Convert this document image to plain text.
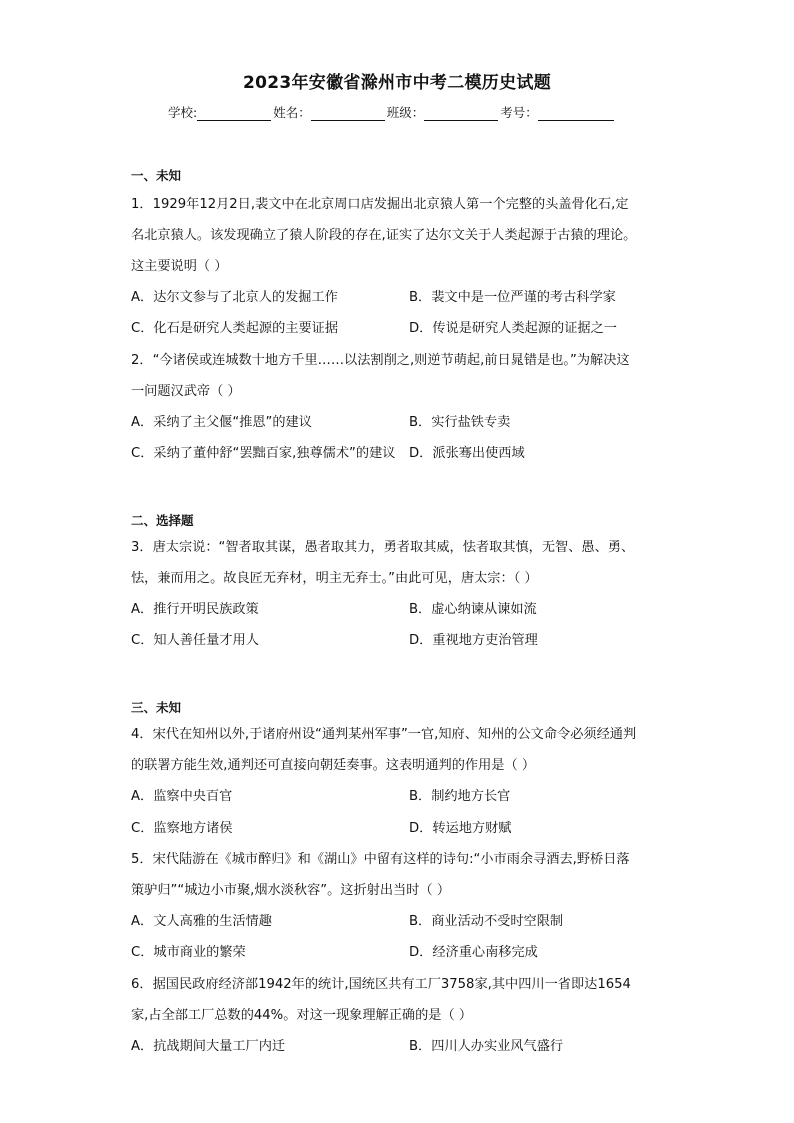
2023年安徽省滁州市中考二模历史试题
学校:	姓名：	班级：	考号：
一、未知
1．1929年12月2日,裴文中在北京周口店发掘出北京猿人第一个完整的头盖骨化石,定
名北京猿人。该发现确立了猿人阶段的存在,证实了达尔文关于人类起源于古猿的理论。
这主要说明（ ）
A．达尔文参与了北京人的发掘工作	B．裴文中是一位严谨的考古科学家
C．化石是研究人类起源的主要证据	D．传说是研究人类起源的证据之一
2．“今诸侯或连城数十地方千里……以法割削之,则逆节萌起,前日晁错是也。”为解决这
一问题汉武帝（ ）
A．采纳了主父偃“推恩”的建议	B．实行盐铁专卖
C．采纳了董仲舒“罢黜百家,独尊儒术”的建议 D．派张骞出使西域
二、选择题
3．唐太宗说：“智者取其谋，愚者取其力，勇者取其威，怯者取其慎，无智、愚、勇、
怯，兼而用之。故良匠无弃材，明主无弃士。”由此可见，唐太宗：（ ）
A．推行开明民族政策	B．虚心纳谏从谏如流
C．知人善任量才用人	D．重视地方吏治管理
三、未知
4．宋代在知州以外,于诸府州设“通判某州军事”一官,知府、知州的公文命令必须经通判
的联署方能生效,通判还可直接向朝廷奏事。这表明通判的作用是（ ）
A．监察中央百官	B．制约地方长官
C．监察地方诸侯	D．转运地方财赋
5．宋代陆游在《城市醉归》和《湖山》中留有这样的诗句:“小市雨余寻酒去,野桥日落
策驴归”“城边小市聚,烟水淡秋容”。这折射出当时（ ）
A．文人高雅的生活情趣	B．商业活动不受时空限制
C．城市商业的繁荣	D．经济重心南移完成
6．据国民政府经济部1942年的统计,国统区共有工厂3758家,其中四川一省即达1654
家,占全部工厂总数的44%。对这一现象理解正确的是（ ）
A．抗战期间大量工厂内迁	B．四川人办实业风气盛行
